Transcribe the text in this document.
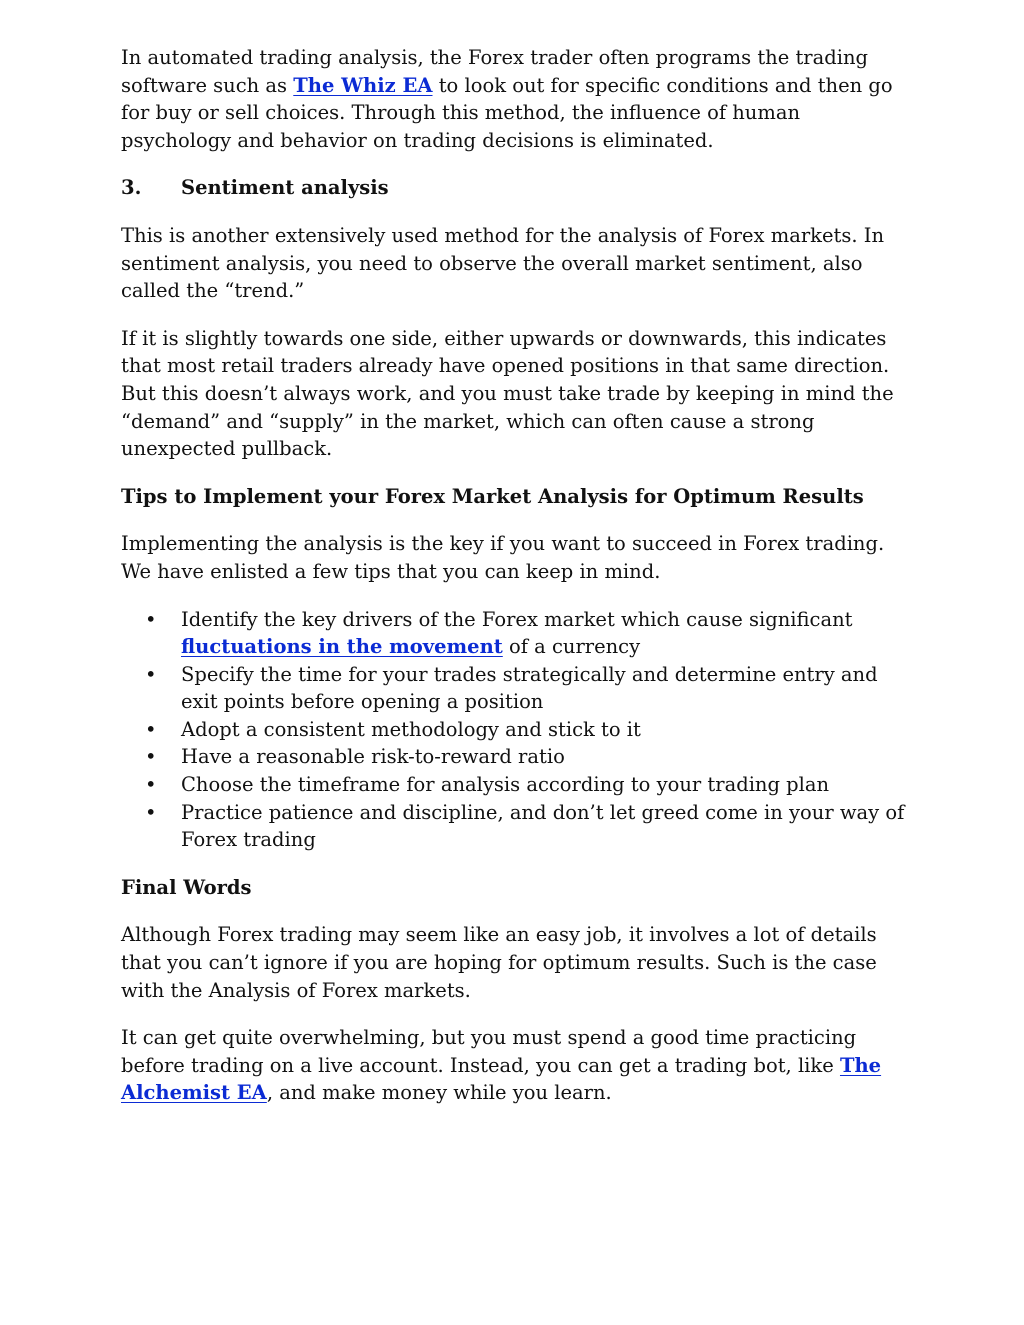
In automated trading analysis, the Forex trader often programs the trading software such as The Whiz EA to look out for specific conditions and then go for buy or sell choices. Through this method, the influence of human psychology and behavior on trading decisions is eliminated.

3.	Sentiment analysis

This is another extensively used method for the analysis of Forex markets. In sentiment analysis, you need to observe the overall market sentiment, also called the “trend.”

If it is slightly towards one side, either upwards or downwards, this indicates that most retail traders already have opened positions in that same direction. But this doesn’t always work, and you must take trade by keeping in mind the “demand” and “supply” in the market, which can often cause a strong unexpected pullback.

Tips to Implement your Forex Market Analysis for Optimum Results

Implementing the analysis is the key if you want to succeed in Forex trading. We have enlisted a few tips that you can keep in mind.

• Identify the key drivers of the Forex market which cause significant fluctuations in the movement of a currency
• Specify the time for your trades strategically and determine entry and exit points before opening a position
• Adopt a consistent methodology and stick to it
• Have a reasonable risk-to-reward ratio
• Choose the timeframe for analysis according to your trading plan
• Practice patience and discipline, and don’t let greed come in your way of Forex trading
Final Words

Although Forex trading may seem like an easy job, it involves a lot of details that you can’t ignore if you are hoping for optimum results. Such is the case with the Analysis of Forex markets.

It can get quite overwhelming, but you must spend a good time practicing before trading on a live account. Instead, you can get a trading bot, like The Alchemist EA, and make money while you learn.
